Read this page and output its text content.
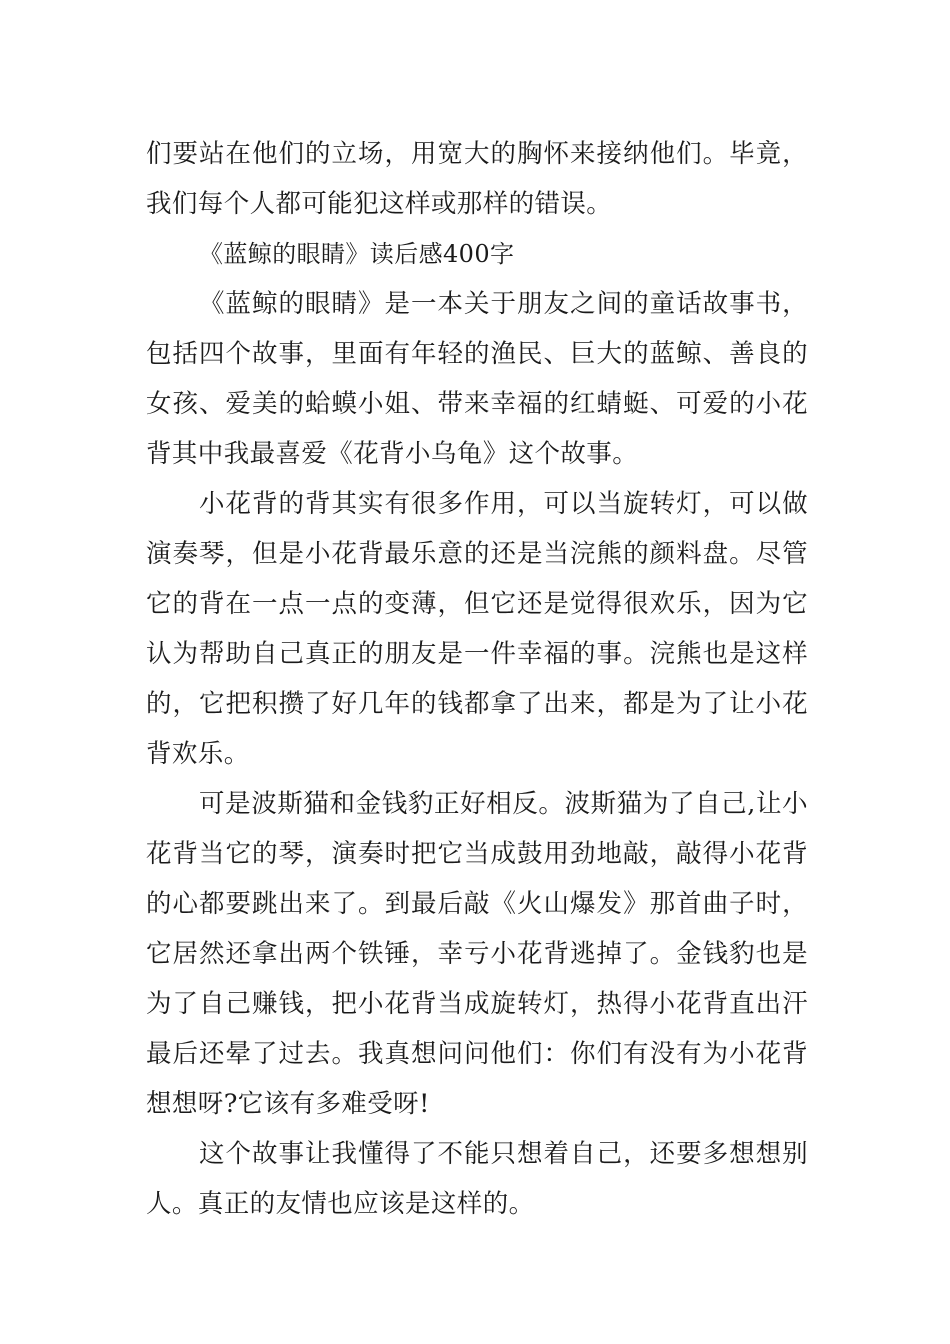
们要站在他们的立场，用宽大的胸怀来接纳他们。毕竟，我们每个人都可能犯这样或那样的错误。

《蓝鲸的眼睛》读后感400字

《蓝鲸的眼睛》是一本关于朋友之间的童话故事书，包括四个故事，里面有年轻的渔民、巨大的蓝鲸、善良的女孩、爱美的蛤蟆小姐、带来幸福的红蜻蜓、可爱的小花背其中我最喜爱《花背小乌龟》这个故事。

小花背的背其实有很多作用，可以当旋转灯，可以做演奏琴，但是小花背最乐意的还是当浣熊的颜料盘。尽管它的背在一点一点的变薄，但它还是觉得很欢乐，因为它认为帮助自己真正的朋友是一件幸福的事。浣熊也是这样的，它把积攒了好几年的钱都拿了出来，都是为了让小花背欢乐。

可是波斯猫和金钱豹正好相反。波斯猫为了自己,让小花背当它的琴，演奏时把它当成鼓用劲地敲，敲得小花背的心都要跳出来了。到最后敲《火山爆发》那首曲子时，它居然还拿出两个铁锤，幸亏小花背逃掉了。金钱豹也是为了自己赚钱，把小花背当成旋转灯，热得小花背直出汗最后还晕了过去。我真想问问他们：你们有没有为小花背想想呀?它该有多难受呀!

这个故事让我懂得了不能只想着自己，还要多想想别人。真正的友情也应该是这样的。
